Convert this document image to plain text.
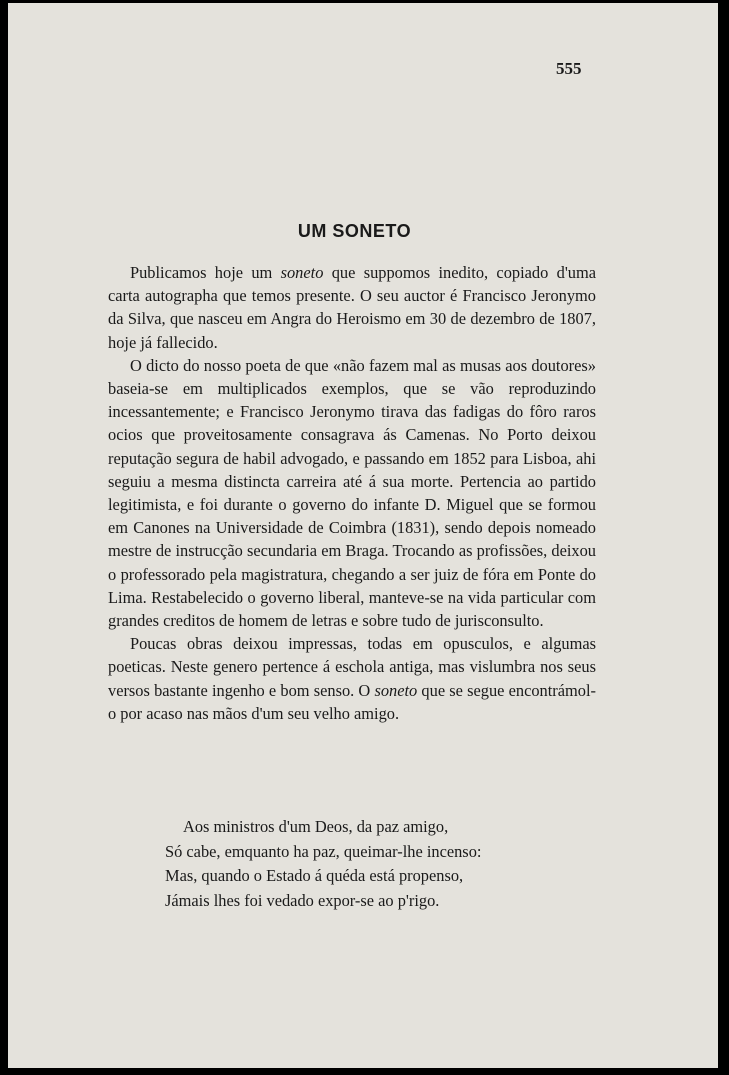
555
UM SONETO

Publicamos hoje um soneto que suppomos inedito, copiado d'uma carta autographa que temos presente. O seu auctor é Francisco Jeronymo da Silva, que nasceu em Angra do Heroismo em 30 de dezembro de 1807, hoje já fallecido.

O dicto do nosso poeta de que «não fazem mal as musas aos doutores» baseia-se em multiplicados exemplos, que se vão reproduzindo incessantemente; e Francisco Jeronymo tirava das fadigas do fôro raros ocios que proveitosamente consagrava ás Camenas. No Porto deixou reputação segura de habil advogado, e passando em 1852 para Lisboa, ahi seguiu a mesma distincta carreira até á sua morte. Pertencia ao partido legitimista, e foi durante o governo do infante D. Miguel que se formou em Canones na Universidade de Coimbra (1831), sendo depois nomeado mestre de instrucção secundaria em Braga. Trocando as profissões, deixou o professorado pela magistratura, chegando a ser juiz de fóra em Ponte do Lima. Restabelecido o governo liberal, manteve-se na vida particular com grandes creditos de homem de letras e sobre tudo de jurisconsulto.

Poucas obras deixou impressas, todas em opusculos, e algumas poeticas. Neste genero pertence á eschola antiga, mas vislumbra nos seus versos bastante ingenho e bom senso. O soneto que se segue encontrámol-o por acaso nas mãos d'um seu velho amigo.

Aos ministros d'um Deos, da paz amigo,
Só cabe, emquanto ha paz, queimar-lhe incenso:
Mas, quando o Estado á quéda está propenso,
Jámais lhes foi vedado expor-se ao p'rigo.
